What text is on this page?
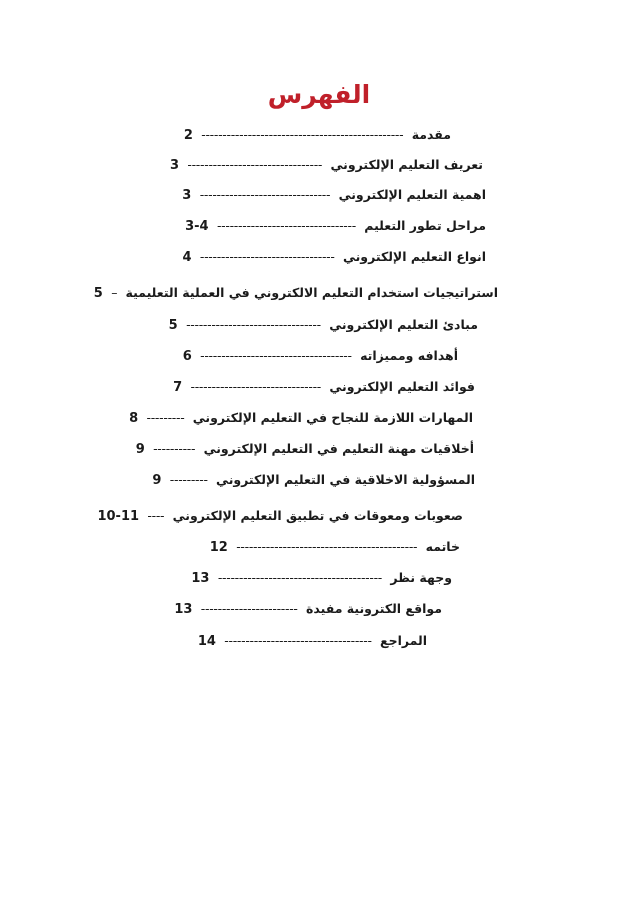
الفهرس
مقدمة ------------------------------------------------ 2
تعريف التعليم الإلكتروني -------------------------------- 3
اهمية التعليم الإلكتروني ------------------------------- 3
مراحل تطور التعليم --------------------------------- 3-4
انواع التعليم الإلكتروني -------------------------------- 4
استراتيجيات استخدام التعليم الالكتروني في العملية التعليمية – 5
مبادئ التعليم الإلكتروني -------------------------------- 5
أهدافه ومميزاته ------------------------------------ 6
فوائد التعليم الإلكتروني ------------------------------- 7
المهارات اللازمة للنجاح في التعليم الإلكتروني --------- 8
أخلاقيات مهنة التعليم في التعليم الإلكتروني ---------- 9
المسؤولية الاخلاقية في التعليم الإلكتروني --------- 9
صعوبات ومعوقات في تطبيق التعليم الإلكتروني ---- 10-11
خاتمه ------------------------------------------- 12
وجهة نظر --------------------------------------- 13
مواقع الكترونية مفيدة ----------------------- 13
المراجع ----------------------------------- 14
